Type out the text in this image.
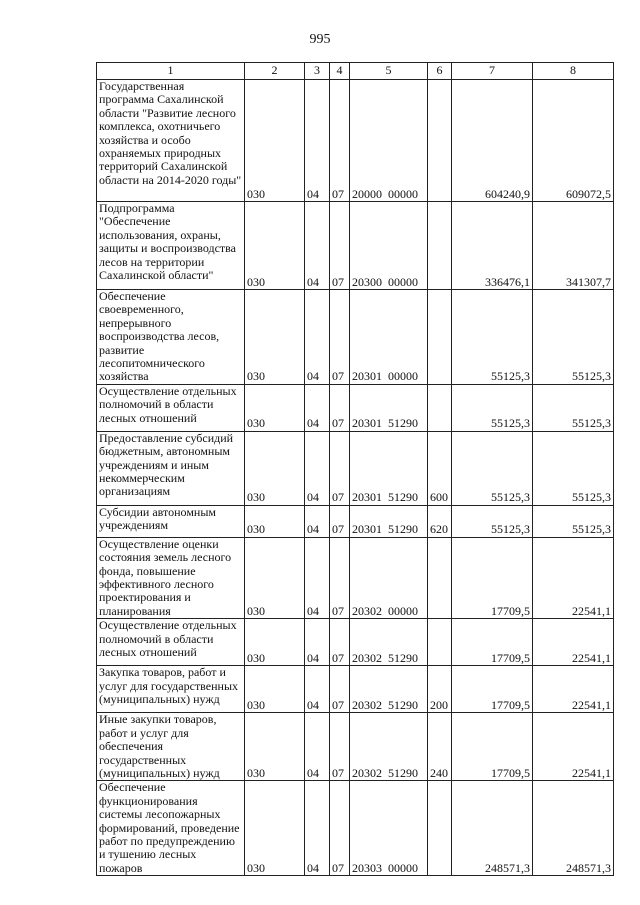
995
1	2	3	4	5	6	7	8
Государственная программа Сахалинской области "Развитие лесного комплекса, охотничьего хозяйства и особо охраняемых природных территорий Сахалинской области на 2014-2020 годы"	030	04	07	20000  00000		604240,9	609072,5
Подпрограмма "Обеспечение использования, охраны, защиты и воспроизводства лесов на территории Сахалинской области"	030	04	07	20300  00000		336476,1	341307,7
Обеспечение своевременного, непрерывного воспроизводства лесов, развитие лесопитомнического хозяйства	030	04	07	20301  00000		55125,3	55125,3
Осуществление отдельных полномочий в области лесных отношений	030	04	07	20301  51290		55125,3	55125,3
Предоставление субсидий бюджетным, автономным учреждениям и иным некоммерческим организациям	030	04	07	20301  51290	600	55125,3	55125,3
Субсидии автономным учреждениям	030	04	07	20301  51290	620	55125,3	55125,3
Осуществление оценки состояния земель лесного фонда, повышение эффективного лесного проектирования и планирования	030	04	07	20302  00000		17709,5	22541,1
Осуществление отдельных полномочий в области лесных отношений	030	04	07	20302  51290		17709,5	22541,1
Закупка товаров, работ и услуг для государственных (муниципальных) нужд	030	04	07	20302  51290	200	17709,5	22541,1
Иные закупки товаров, работ и услуг для обеспечения государственных (муниципальных) нужд	030	04	07	20302  51290	240	17709,5	22541,1
Обеспечение функционирования системы лесопожарных формирований, проведение работ по предупреждению и тушению лесных пожаров	030	04	07	20303  00000		248571,3	248571,3
